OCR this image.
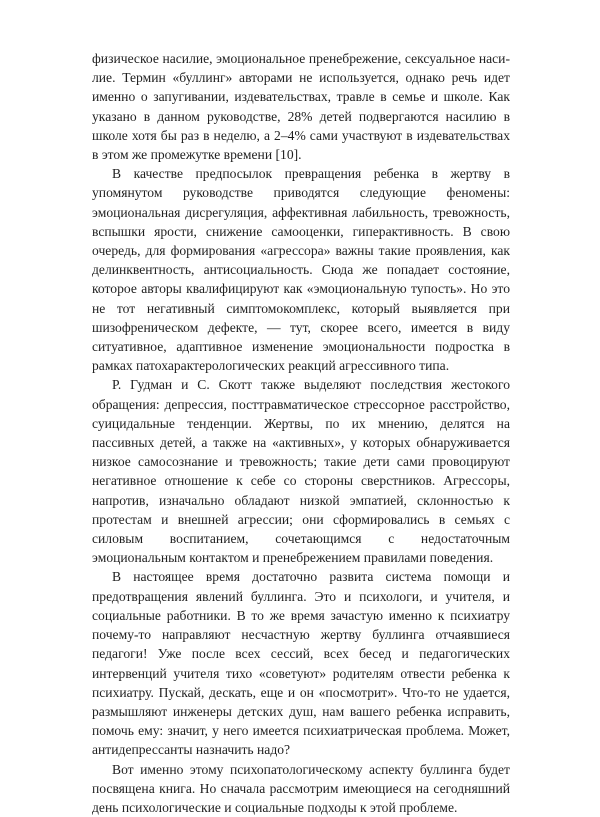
физическое насилие, эмоциональное пренебрежение, сексуальное насилие. Термин «буллинг» авторами не используется, однако речь идет именно о запугивании, издевательствах, травле в семье и школе. Как указано в данном руководстве, 28% детей подвергаются насилию в школе хотя бы раз в неделю, а 2–4% сами участвуют в издевательствах в этом же промежутке времени [10].

В качестве предпосылок превращения ребенка в жертву в упомянутом руководстве приводятся следующие феномены: эмоциональная дисрегуляция, аффективная лабильность, тревожность, вспышки ярости, снижение самооценки, гиперактивность. В свою очередь, для формирования «агрессора» важны такие проявления, как делинквентность, антисоциальность. Сюда же попадает состояние, которое авторы квалифицируют как «эмоциональную тупость». Но это не тот негативный симптомокомплекс, который выявляется при шизофреническом дефекте, — тут, скорее всего, имеется в виду ситуативное, адаптивное изменение эмоциональности подростка в рамках патохарактерологических реакций агрессивного типа.

Р. Гудман и С. Скотт также выделяют последствия жестокого обращения: депрессия, посттравматическое стрессорное расстройство, суицидальные тенденции. Жертвы, по их мнению, делятся на пассивных детей, а также на «активных», у которых обнаруживается низкое самосознание и тревожность; такие дети сами провоцируют негативное отношение к себе со стороны сверстников. Агрессоры, напротив, изначально обладают низкой эмпатией, склонностью к протестам и внешней агрессии; они сформировались в семьях с силовым воспитанием, сочетающимся с недостаточным эмоциональным контактом и пренебрежением правилами поведения.

В настоящее время достаточно развита система помощи и предотвращения явлений буллинга. Это и психологи, и учителя, и социальные работники. В то же время зачастую именно к психиатру почему-то направляют несчастную жертву буллинга отчаявшиеся педагоги! Уже после всех сессий, всех бесед и педагогических интервенций учителя тихо «советуют» родителям отвести ребенка к психиатру. Пускай, дескать, еще и он «посмотрит». Что-то не удается, размышляют инженеры детских душ, нам вашего ребенка исправить, помочь ему: значит, у него имеется психиатрическая проблема. Может, антидепрессанты назначить надо?

Вот именно этому психопатологическому аспекту буллинга будет посвящена книга. Но сначала рассмотрим имеющиеся на сегодняшний день психологические и социальные подходы к этой проблеме.
